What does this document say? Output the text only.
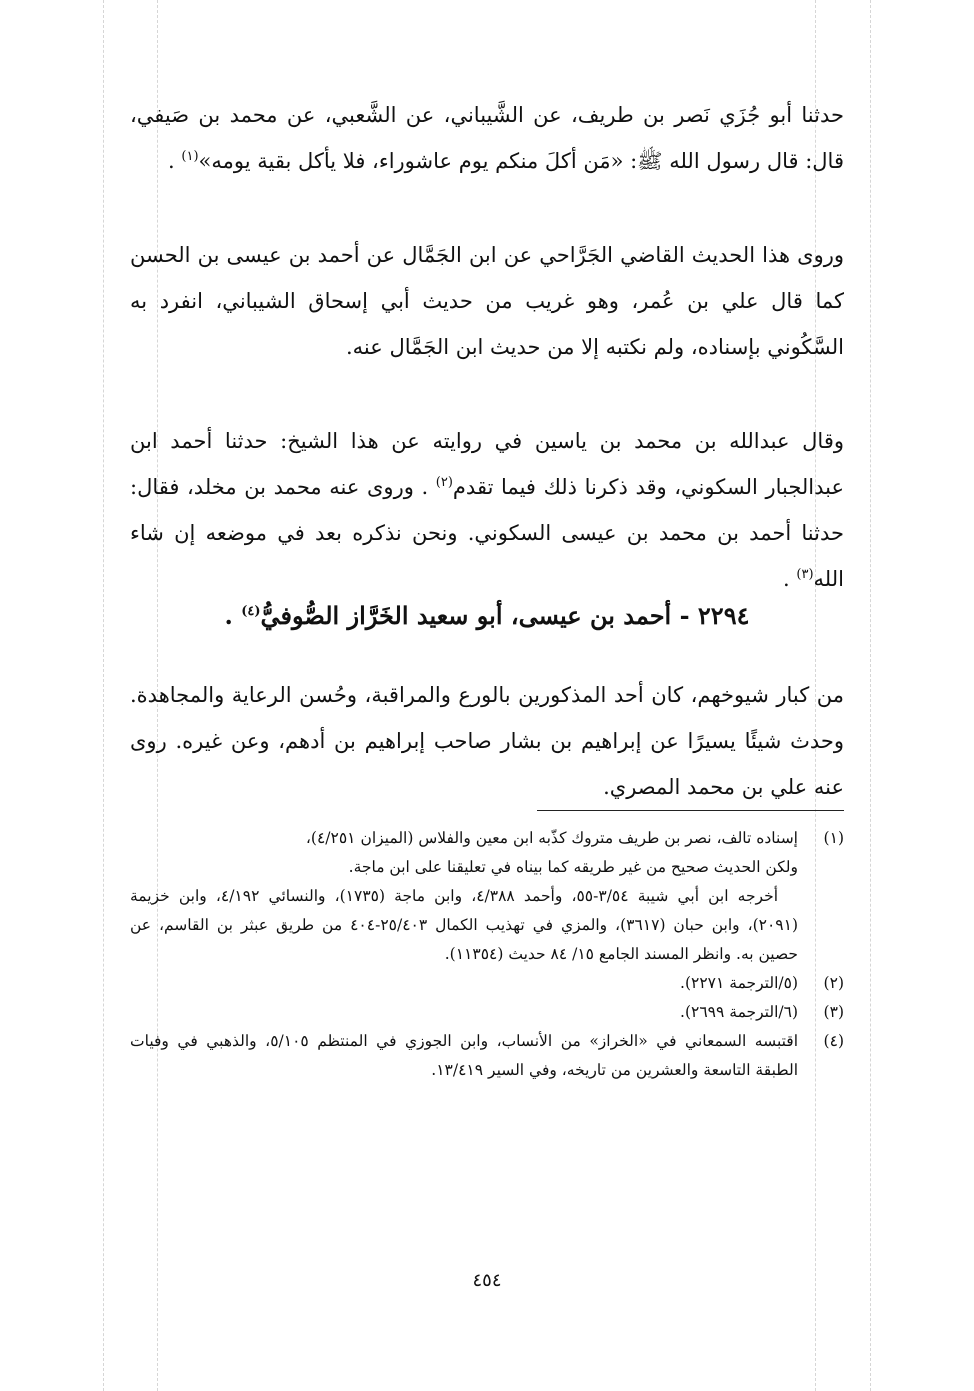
حدثنا أبو جُزَي نَصر بن طريف، عن الشَّيباني، عن الشَّعبي، عن محمد بن صَيفي، قال: قال رسول الله ﷺ: «مَن أكلَ منكم يوم عاشوراء، فلا يأكل بقية يومه»$^{(١)}$ .

وروى هذا الحديث القاضي الجَرَّاحي عن ابن الجَمَّال عن أحمد بن عيسى بن الحسن كما قال علي بن عُمر، وهو غريب من حديث أبي إسحاق الشيباني، انفرد به السَّكُوني بإسناده، ولم نكتبه إلا من حديث ابن الجَمَّال عنه.

وقال عبدالله بن محمد بن ياسين في روايته عن هذا الشيخ: حدثنا أحمد ابن عبدالجبار السكوني، وقد ذكرنا ذلك فيما تقدم$^{(٢)}$ . وروى عنه محمد بن مخلد، فقال: حدثنا أحمد بن محمد بن عيسى السكوني. ونحن نذكره بعد في موضعه إن شاء الله$^{(٣)}$ .

٢٢٩٤ - أحمد بن عيسى، أبو سعيد الخَرَّاز الصُّوفيُّ$^{(٤)}$ .

من كبار شيوخهم، كان أحد المذكورين بالورع والمراقبة، وحُسن الرعاية والمجاهدة. وحدث شيئًا يسيرًا عن إبراهيم بن بشار صاحب إبراهيم بن أدهم، وعن غيره. روى عنه علي بن محمد المصري.

(١)
إسناده تالف، نصر بن طريف متروك كذّبه ابن معين والفلاس (الميزان ٤/٢٥١)،
ولكن الحديث صحيح من غير طريقه كما بيناه في تعليقنا على ابن ماجة.
أخرجه ابن أبي شيبة ٣/٥٤-٥٥، وأحمد ٤/٣٨٨، وابن ماجة (١٧٣٥)، والنسائي ٤/١٩٢، وابن خزيمة (٢٠٩١)، وابن حبان (٣٦١٧)، والمزي في تهذيب الكمال ٢٥/٤٠٣-٤٠٤ من طريق عبثر بن القاسم، عن حصين به. وانظر المسند الجامع ١٥/ ٨٤ حديث (١١٣٥٤).
(٢)
(٥/الترجمة ٢٢٧١).
(٣)
(٦/الترجمة ٢٦٩٩).
(٤)
اقتبسه السمعاني في «الخراز» من الأنساب، وابن الجوزي في المنتظم ٥/١٠٥، والذهبي في وفيات الطبقة التاسعة والعشرين من تاريخه، وفي السير ١٣/٤١٩.
٤٥٤
